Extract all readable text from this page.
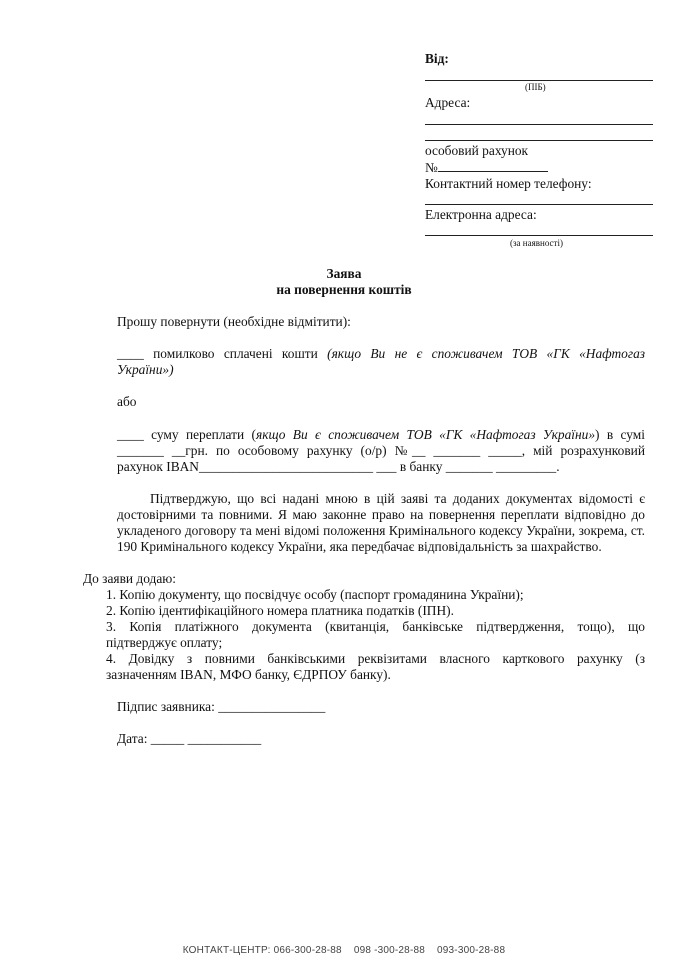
Від:
(ПІБ)
Адреса:
особовий рахунок
№
Контактний номер телефону:
Електронна адреса:
(за наявності)
Заява
на повернення коштів
Прошу повернути (необхідне відмітити):
____ помилково сплачені кошти (якщо Ви не є споживачем ТОВ «ГК «Нафтогаз
України»)
або
____ суму переплати (якщо Ви є споживачем ТОВ «ГК «Нафтогаз України») в сумі
_______ __грн. по особовому рахунку (о/р) №__ _______ _____, мій розрахунковий
рахунок IBAN__________________________ ___ в банку _______ _________.
Підтверджую, що всі надані мною в цій заяві та доданих документах відомості є
достовірними та повними. Я маю законне право на повернення переплати відповідно до
укладеного договору та мені відомі положення Кримінального кодексу України, зокрема, ст.
190 Кримінального кодексу України, яка передбачає відповідальність за шахрайство.
До заяви додаю:
1. Копію документу, що посвідчує особу (паспорт громадянина України);
2. Копію ідентифікаційного номера платника податків (ІПН).
3. Копія платіжного документа (квитанція, банківське підтвердження, тощо), що
підтверджує оплату;
4. Довідку з повними банківськими реквізитами власного карткового рахунку (з
зазначенням IBAN, МФО банку, ЄДРПОУ банку).
Підпис заявника: ________________
Дата: _____ ___________
КОНТАКТ-ЦЕНТР: 066-300-28-88 098 -300-28-88 093-300-28-88
